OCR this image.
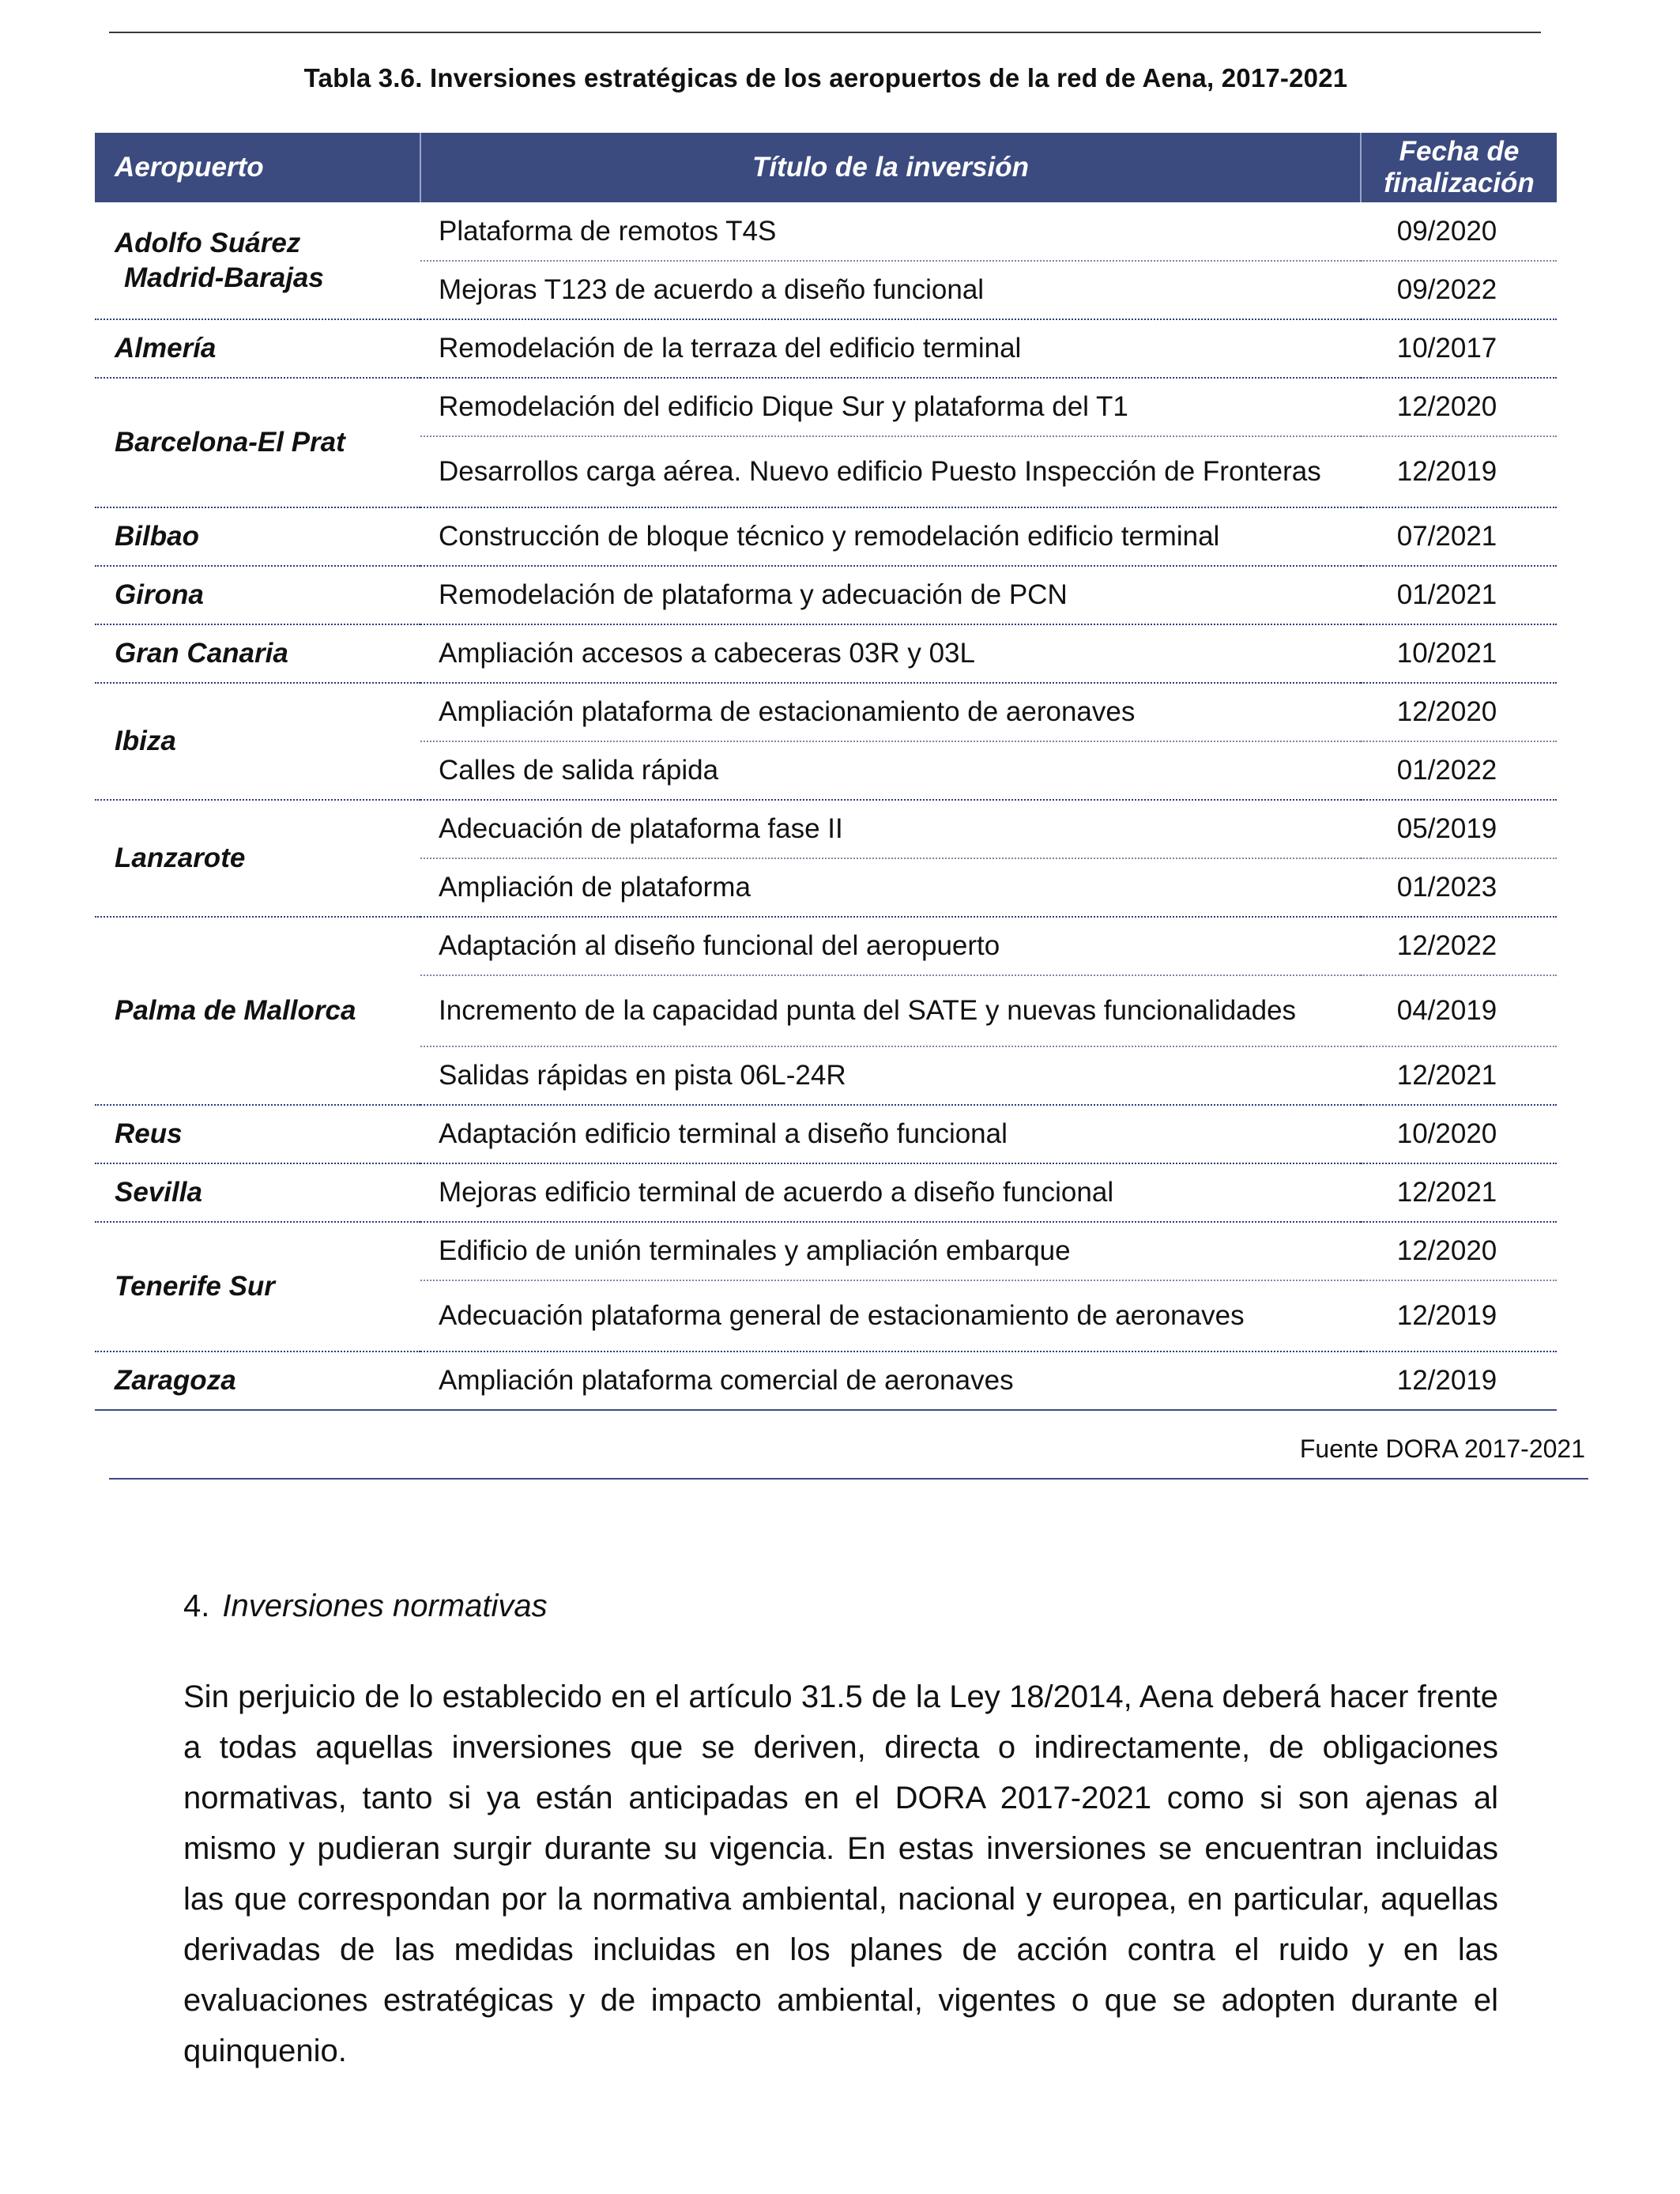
Tabla 3.6. Inversiones estratégicas de los aeropuertos de la red de Aena, 2017-2021
Aeropuerto	Título de la inversión	Fecha de
finalización

Adolfo Suárez
Madrid-Barajas	Plataforma de remotos T4S	09/2020
	Mejoras T123 de acuerdo a diseño funcional	09/2022

Almería	Remodelación de la terraza del edificio terminal	10/2017

Barcelona-El Prat	Remodelación del edificio Dique Sur y plataforma del T1	12/2020
	Desarrollos carga aérea. Nuevo edificio Puesto Inspección de Fronteras	12/2019

Bilbao	Construcción de bloque técnico y remodelación edificio terminal	07/2021

Girona	Remodelación de plataforma y adecuación de PCN	01/2021

Gran Canaria	Ampliación accesos a cabeceras 03R y 03L	10/2021

Ibiza	Ampliación plataforma de estacionamiento de aeronaves	12/2020
	Calles de salida rápida	01/2022

Lanzarote	Adecuación de plataforma fase II	05/2019
	Ampliación de plataforma	01/2023

Palma de Mallorca	Adaptación al diseño funcional del aeropuerto	12/2022
	Incremento de la capacidad punta del SATE y nuevas funcionalidades	04/2019
	Salidas rápidas en pista 06L-24R	12/2021

Reus	Adaptación edificio terminal a diseño funcional	10/2020

Sevilla	Mejoras edificio terminal de acuerdo a diseño funcional	12/2021

Tenerife Sur	Edificio de unión terminales y ampliación embarque	12/2020
	Adecuación plataforma general de estacionamiento de aeronaves	12/2019

Zaragoza	Ampliación plataforma comercial de aeronaves	12/2019
Fuente DORA 2017-2021
4. Inversiones normativas
Sin perjuicio de lo establecido en el artículo 31.5 de la Ley 18/2014, Aena deberá hacer frente a todas aquellas inversiones que se deriven, directa o indirectamente, de obligaciones normativas, tanto si ya están anticipadas en el DORA 2017-2021 como si son ajenas al mismo y pudieran surgir durante su vigencia. En estas inversiones se encuentran incluidas las que correspondan por la normativa ambiental, nacional y europea, en particular, aquellas derivadas de las medidas incluidas en los planes de acción contra el ruido y en las evaluaciones estratégicas y de impacto ambiental, vigentes o que se adopten durante el quinquenio.
